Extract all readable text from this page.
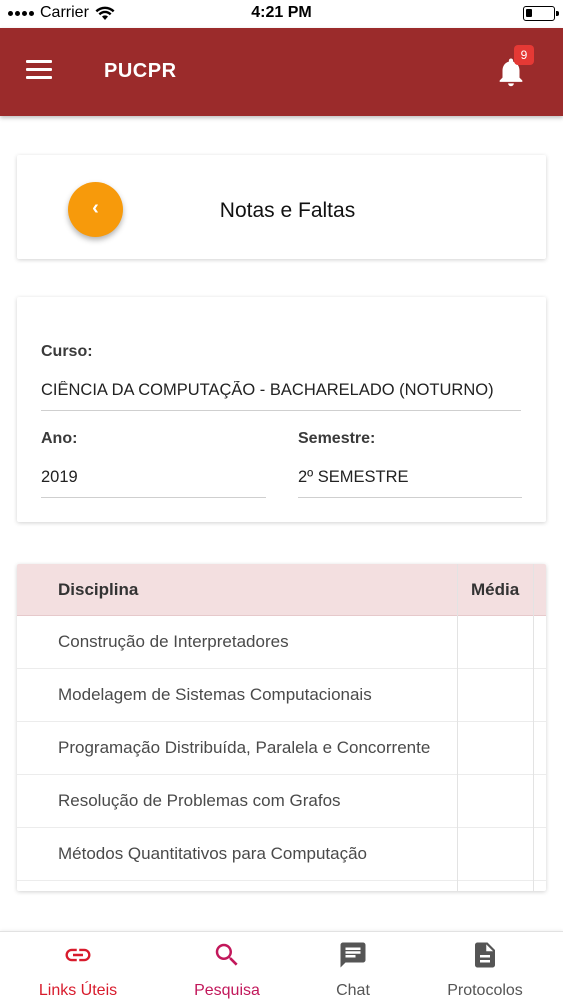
Carrier	4:21 PM
PUCPR
9
‹	Notas e Faltas
Curso:
CIÊNCIA DA COMPUTAÇÃO - BACHARELADO (NOTURNO)
Ano:
2019
Semestre:
2º SEMESTRE
Disciplina	Média
Construção de Interpretadores
Modelagem de Sistemas Computacionais
Programação Distribuída, Paralela e Concorrente
Resolução de Problemas com Grafos
Métodos Quantitativos para Computação
Links Úteis	Pesquisa	Chat	Protocolos
